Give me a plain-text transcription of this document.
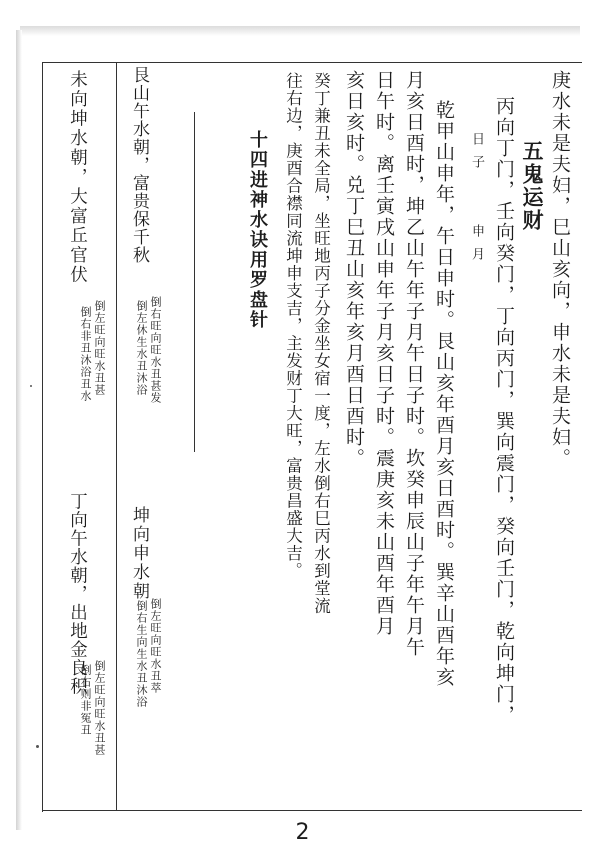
庚水未是夫妇，巳山亥向，申水未是夫妇。
五鬼运财
丙向丁门，壬向癸门，丁向丙门，巽向震门，癸向壬门，乾向坤门，
日子　　申月
乾甲山申年，午日申时。艮山亥年酉月亥日酉时。巽辛山酉年亥
月亥日酉时，坤乙山午年子月午日子时。坎癸申辰山子年午月午
日午时。离壬寅戌山申年子月亥日子时。震庚亥未山酉年酉月
亥日亥时。兑丁巳丑山亥年亥月酉日酉时。
癸丁兼丑未全局，坐旺地丙子分金坐女宿一度，左水倒右巳丙水到堂流
往右边，庚酉合襟同流坤申支吉，主发财丁大旺，富贵昌盛大吉。
十四进神水诀用罗盘针
艮山午水朝，富贵保千秋
倒右旺向旺水丑甚发
倒左休生水丑沐浴
坤向申水朝
倒左旺向旺水丑萃
倒右生向生水丑沐浴
未向坤水朝，大富丘官伏
倒左旺向旺水丑甚
倒右非丑沐浴丑水
丁向午水朝，出地金良积
倒左旺向旺水丑甚
倒右则非冤丑
2
